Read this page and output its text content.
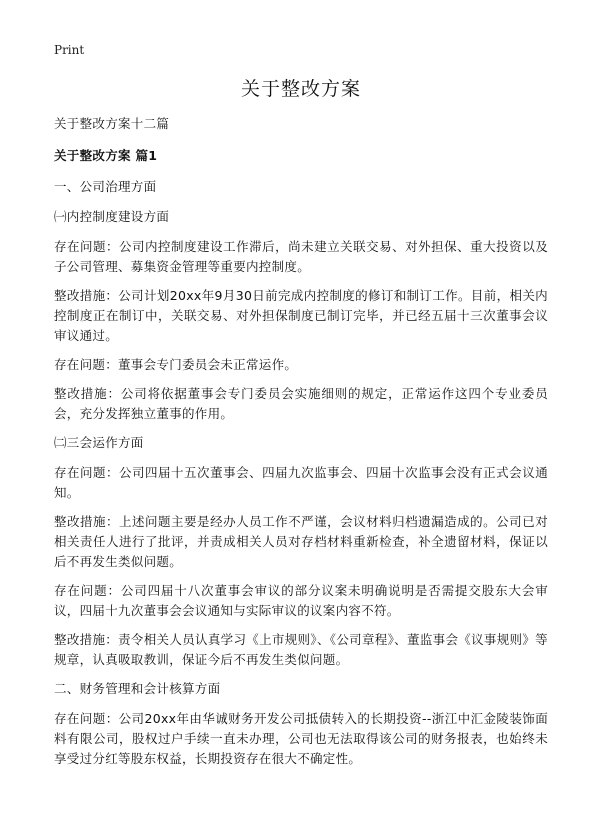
Print
关于整改方案

关于整改方案十二篇

关于整改方案 篇1

一、公司治理方面

㈠内控制度建设方面

存在问题：公司内控制度建设工作滞后，尚未建立关联交易、对外担保、重大投资以及子公司管理、募集资金管理等重要内控制度。

整改措施：公司计划20xx年9月30日前完成内控制度的修订和制订工作。目前，相关内控制度正在制订中，关联交易、对外担保制度已制订完毕，并已经五届十三次董事会议审议通过。

存在问题：董事会专门委员会未正常运作。

整改措施：公司将依据董事会专门委员会实施细则的规定，正常运作这四个专业委员会，充分发挥独立董事的作用。

㈡三会运作方面

存在问题：公司四届十五次董事会、四届九次监事会、四届十次监事会没有正式会议通知。

整改措施：上述问题主要是经办人员工作不严谨，会议材料归档遗漏造成的。公司已对相关责任人进行了批评，并责成相关人员对存档材料重新检查，补全遗留材料，保证以后不再发生类似问题。

存在问题：公司四届十八次董事会审议的部分议案未明确说明是否需提交股东大会审议，四届十九次董事会会议通知与实际审议的议案内容不符。

整改措施：责令相关人员认真学习《上市规则》、《公司章程》、董监事会《议事规则》等规章，认真吸取教训，保证今后不再发生类似问题。

二、财务管理和会计核算方面

存在问题：公司20xx年由华诚财务开发公司抵债转入的长期投资--浙江中汇金陵装饰面料有限公司，股权过户手续一直未办理，公司也无法取得该公司的财务报表，也始终未享受过分红等股东权益，长期投资存在很大不确定性。
